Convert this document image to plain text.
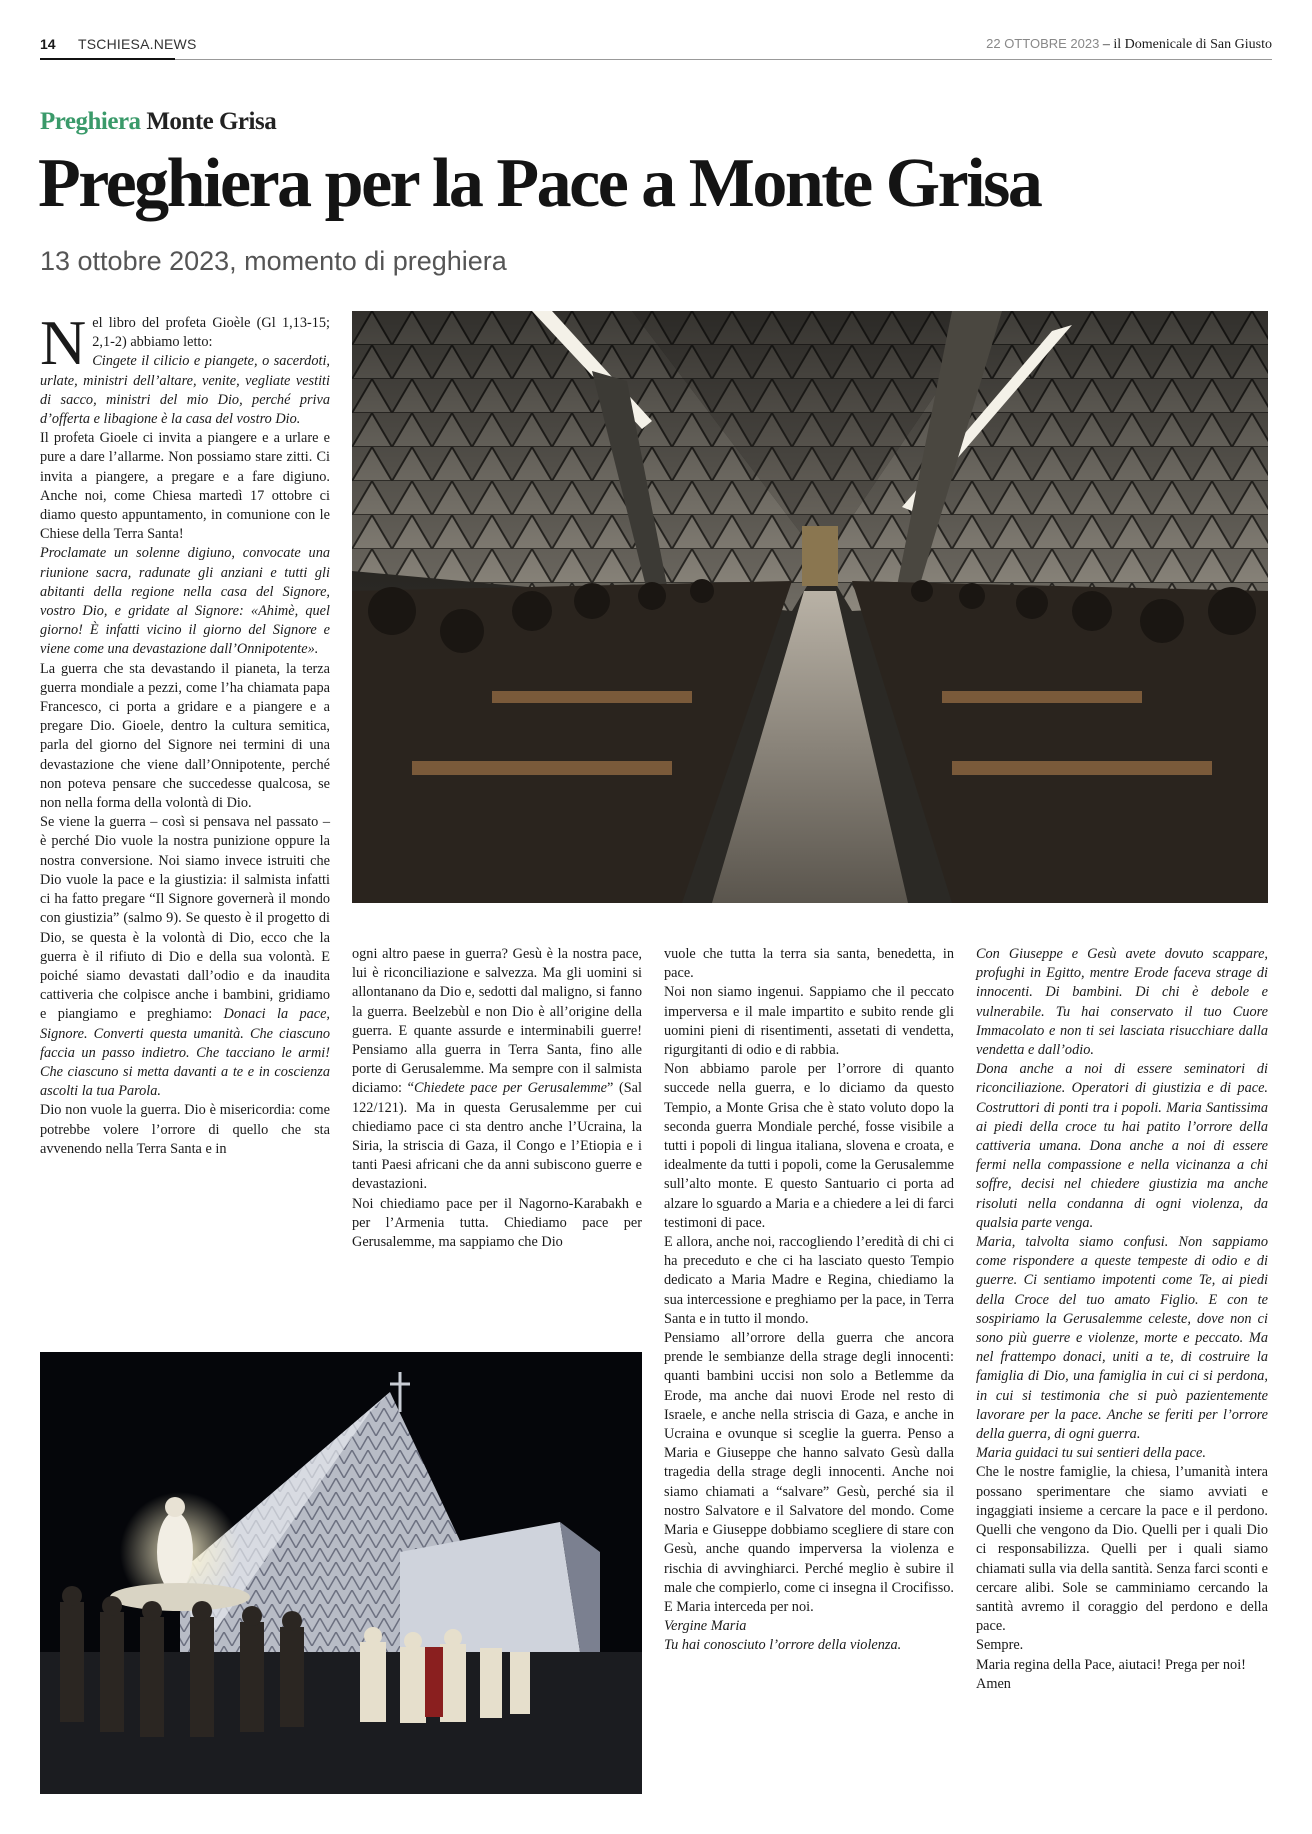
14 TSCHIESA.NEWS	22 OTTOBRE 2023 – il Domenicale di San Giusto
Preghiera Monte Grisa
Preghiera per la Pace a Monte Grisa
13 ottobre 2023, momento di preghiera
N el libro del profeta Gioèle (Gl 1,13-15; 2,1-2) abbiamo letto:

Cingete il cilicio e piangete, o sacerdoti, urlate, ministri dell’altare, venite, vegliate vestiti di sacco, ministri del mio Dio, perché priva d’offerta e libagione è la casa del vostro Dio.

Il profeta Gioele ci invita a piangere e a urlare e pure a dare l’allarme. Non possiamo stare zitti. Ci invita a piangere, a pregare e a fare digiuno. Anche noi, come Chiesa martedì 17 ottobre ci diamo questo appuntamento, in comunione con le Chiese della Terra Santa!

Proclamate un solenne digiuno, convocate una riunione sacra, radunate gli anziani e tutti gli abitanti della regione nella casa del Signore, vostro Dio, e gridate al Signore: «Ahimè, quel giorno! È infatti vicino il giorno del Signore e viene come una devastazione dall’Onnipotente».

La guerra che sta devastando il pianeta, la terza guerra mondiale a pezzi, come l’ha chiamata papa Francesco, ci porta a gridare e a piangere e a pregare Dio. Gioele, dentro la cultura semitica, parla del giorno del Signore nei termini di una devastazione che viene dall’Onnipotente, perché non poteva pensare che succedesse qualcosa, se non nella forma della volontà di Dio.

Se viene la guerra – così si pensava nel passato – è perché Dio vuole la nostra punizione oppure la nostra conversione. Noi siamo invece istruiti che Dio vuole la pace e la giustizia: il salmista infatti ci ha fatto pregare “Il Signore governerà il mondo con giustizia” (salmo 9). Se questo è il progetto di Dio, se questa è la volontà di Dio, ecco che la guerra è il rifiuto di Dio e della sua volontà. E poiché siamo devastati dall’odio e da inaudita cattiveria che colpisce anche i bambini, gridiamo e piangiamo e preghiamo: Donaci la pace, Signore. Converti questa umanità. Che ciascuno faccia un passo indietro. Che tacciano le armi! Che ciascuno si metta davanti a te e in coscienza ascolti la tua Parola.

Dio non vuole la guerra. Dio è misericordia: come potrebbe volere l’orrore di quello che sta avvenendo nella Terra Santa e in

ogni altro paese in guerra? Gesù è la nostra pace, lui è riconciliazione e salvezza. Ma gli uomini si allontanano da Dio e, sedotti dal maligno, si fanno la guerra. Beelzebùl e non Dio è all’origine della guerra. E quante assurde e interminabili guerre! Pensiamo alla guerra in Terra Santa, fino alle porte di Gerusalemme. Ma sempre con il salmista diciamo: “Chiedete pace per Gerusalemme” (Sal 122/121). Ma in questa Gerusalemme per cui chiediamo pace ci sta dentro anche l’Ucraina, la Siria, la striscia di Gaza, il Congo e l’Etiopia e i tanti Paesi africani che da anni subiscono guerre e devastazioni.

Noi chiediamo pace per il Nagorno-Karabakh e per l’Armenia tutta. Chiediamo pace per Gerusalemme, ma sappiamo che Dio

vuole che tutta la terra sia santa, benedetta, in pace.

Noi non siamo ingenui. Sappiamo che il peccato imperversa e il male impartito e subito rende gli uomini pieni di risentimenti, assetati di vendetta, rigurgitanti di odio e di rabbia.

Non abbiamo parole per l’orrore di quanto succede nella guerra, e lo diciamo da questo Tempio, a Monte Grisa che è stato voluto dopo la seconda guerra Mondiale perché, fosse visibile a tutti i popoli di lingua italiana, slovena e croata, e idealmente da tutti i popoli, come la Gerusalemme sull’alto monte. E questo Santuario ci porta ad alzare lo sguardo a Maria e a chiedere a lei di farci testimoni di pace.

E allora, anche noi, raccogliendo l’eredità di chi ci ha preceduto e che ci ha lasciato questo Tempio dedicato a Maria Madre e Regina, chiediamo la sua intercessione e preghiamo per la pace, in Terra Santa e in tutto il mondo.

Pensiamo all’orrore della guerra che ancora prende le sembianze della strage degli innocenti: quanti bambini uccisi non solo a Betlemme da Erode, ma anche dai nuovi Erode nel resto di Israele, e anche nella striscia di Gaza, e anche in Ucraina e ovunque si sceglie la guerra. Penso a Maria e Giuseppe che hanno salvato Gesù dalla tragedia della strage degli innocenti. Anche noi siamo chiamati a “salvare” Gesù, perché sia il nostro Salvatore e il Salvatore del mondo. Come Maria e Giuseppe dobbiamo scegliere di stare con Gesù, anche quando imperversa la violenza e rischia di avvinghiarci. Perché meglio è subire il male che compierlo, come ci insegna il Crocifisso. E Maria interceda per noi.

Vergine Maria

Tu hai conosciuto l’orrore della violenza.

Con Giuseppe e Gesù avete dovuto scappare, profughi in Egitto, mentre Erode faceva strage di innocenti. Di bambini. Di chi è debole e vulnerabile. Tu hai conservato il tuo Cuore Immacolato e non ti sei lasciata risucchiare dalla vendetta e dall’odio.

Dona anche a noi di essere seminatori di riconciliazione. Operatori di giustizia e di pace. Costruttori di ponti tra i popoli. Maria Santissima ai piedi della croce tu hai patito l’orrore della cattiveria umana. Dona anche a noi di essere fermi nella compassione e nella vicinanza a chi soffre, decisi nel chiedere giustizia ma anche risoluti nella condanna di ogni violenza, da qualsia parte venga.

Maria, talvolta siamo confusi. Non sappiamo come rispondere a queste tempeste di odio e di guerre. Ci sentiamo impotenti come Te, ai piedi della Croce del tuo amato Figlio. E con te sospiriamo la Gerusalemme celeste, dove non ci sono più guerre e violenze, morte e peccato. Ma nel frattempo donaci, uniti a te, di costruire la famiglia di Dio, una famiglia in cui ci si perdona, in cui si testimonia che si può pazientemente lavorare per la pace. Anche se feriti per l’orrore della guerra, di ogni guerra.

Maria guidaci tu sui sentieri della pace.

Che le nostre famiglie, la chiesa, l’umanità intera possano sperimentare che siamo avviati e ingaggiati insieme a cercare la pace e il perdono. Quelli che vengono da Dio. Quelli per i quali Dio ci responsabilizza. Quelli per i quali siamo chiamati sulla via della santità. Senza farci sconti e cercare alibi. Sole se camminiamo cercando la santità avremo il coraggio del perdono e della pace.

Sempre.

Maria regina della Pace, aiutaci! Prega per noi!

Amen
